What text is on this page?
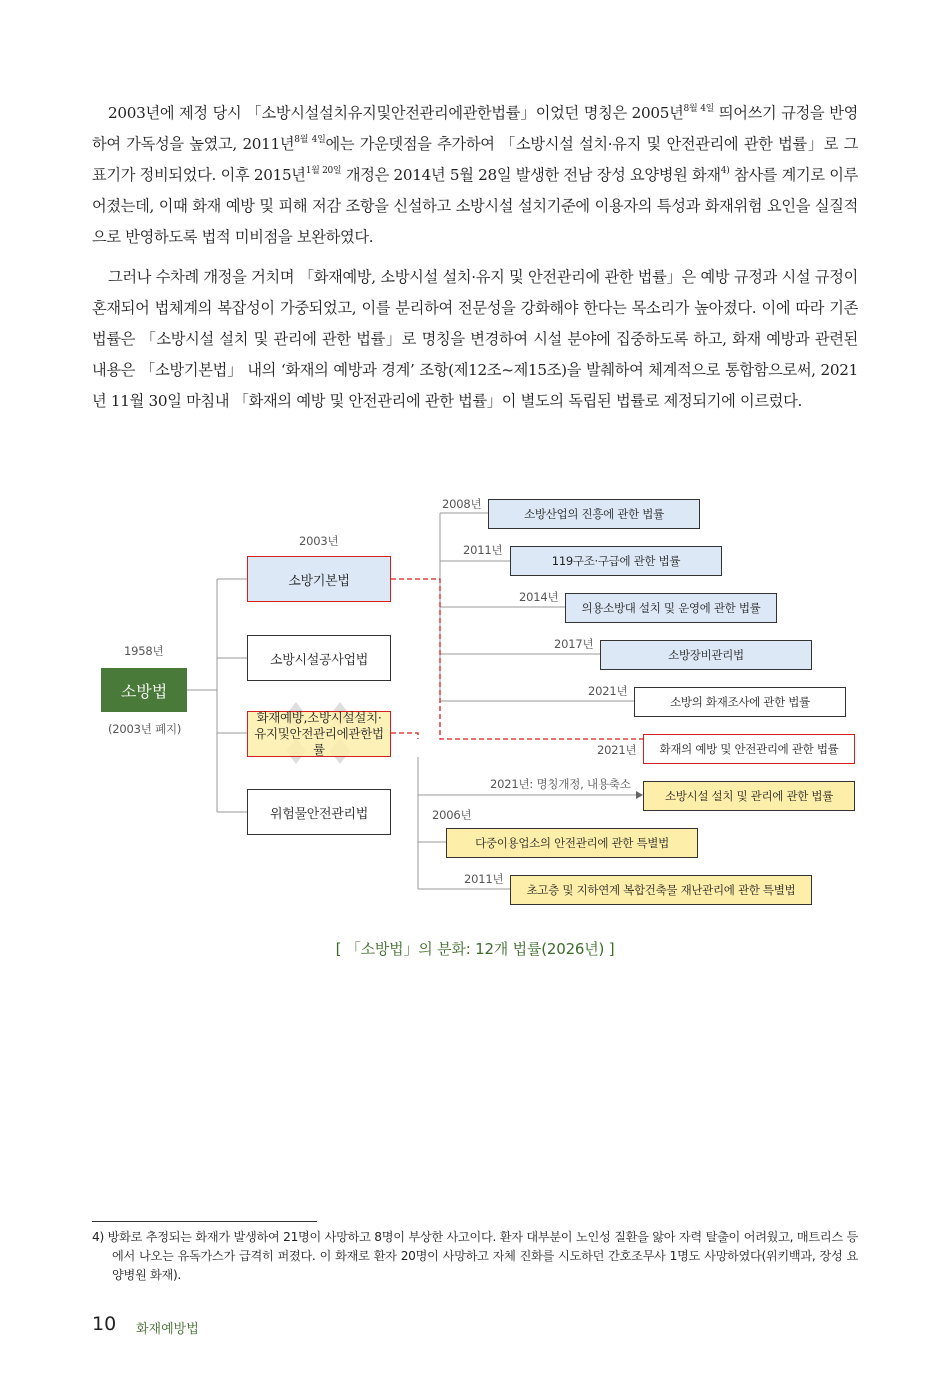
2003년에 제정 당시 「소방시설설치유지및안전관리에관한법률」이었던 명칭은 2005년$^{8월 4일}$ 띄어쓰기 규정을 반영하여 가독성을 높였고, 2011년$^{8월 4일}$에는 가운뎃점을 추가하여 「소방시설 설치·유지 및 안전관리에 관한 법률」로 그 표기가 정비되었다. 이후 2015년$^{1월 20일}$ 개정은 2014년 5월 28일 발생한 전남 장성 요양병원 화재$^{4)}$ 참사를 계기로 이루어졌는데, 이때 화재 예방 및 피해 저감 조항을 신설하고 소방시설 설치기준에 이용자의 특성과 화재위험 요인을 실질적으로 반영하도록 법적 미비점을 보완하였다.

그러나 수차례 개정을 거치며 「화재예방, 소방시설 설치·유지 및 안전관리에 관한 법률」은 예방 규정과 시설 규정이 혼재되어 법체계의 복잡성이 가중되었고, 이를 분리하여 전문성을 강화해야 한다는 목소리가 높아졌다. 이에 따라 기존 법률은 「소방시설 설치 및 관리에 관한 법률」로 명칭을 변경하여 시설 분야에 집중하도록 하고, 화재 예방과 관련된 내용은 「소방기본법」 내의 ‘화재의 예방과 경계’ 조항(제12조~제15조)을 발췌하여 체계적으로 통합함으로써, 2021년 11월 30일 마침내 「화재의 예방 및 안전관리에 관한 법률」이 별도의 독립된 법률로 제정되기에 이르렀다.

1958년
소방법
(2003년 폐지)
2003년
소방기본법
소방시설공사업법
화재예방,소방시설설치·유지및안전관리에관한법률
위험물안전관리법
2008년
소방산업의 진흥에 관한 법률
2011년
119구조·구급에 관한 법률
2014년
의용소방대 설치 및 운영에 관한 법률
2017년
소방장비관리법
2021년
소방의 화재조사에 관한 법률
2021년	화재의 예방 및 안전관리에 관한 법률
2021년: 명칭개정, 내용축소
소방시설 설치 및 관리에 관한 법률
2006년
다중이용업소의 안전관리에 관한 특별법
2011년
초고층 및 지하연계 복합건축물 재난관리에 관한 특별법
[ 「소방법」의 분화: 12개 법률(2026년) ]

4) 방화로 추정되는 화재가 발생하여 21명이 사망하고 8명이 부상한 사고이다. 환자 대부분이 노인성 질환을 앓아 자력 탈출이 어려웠고, 매트리스 등에서 나오는 유독가스가 급격히 퍼졌다. 이 화재로 환자 20명이 사망하고 자체 진화를 시도하던 간호조무사 1명도 사망하였다(위키백과, 장성 요양병원 화재).

10 화재예방법
